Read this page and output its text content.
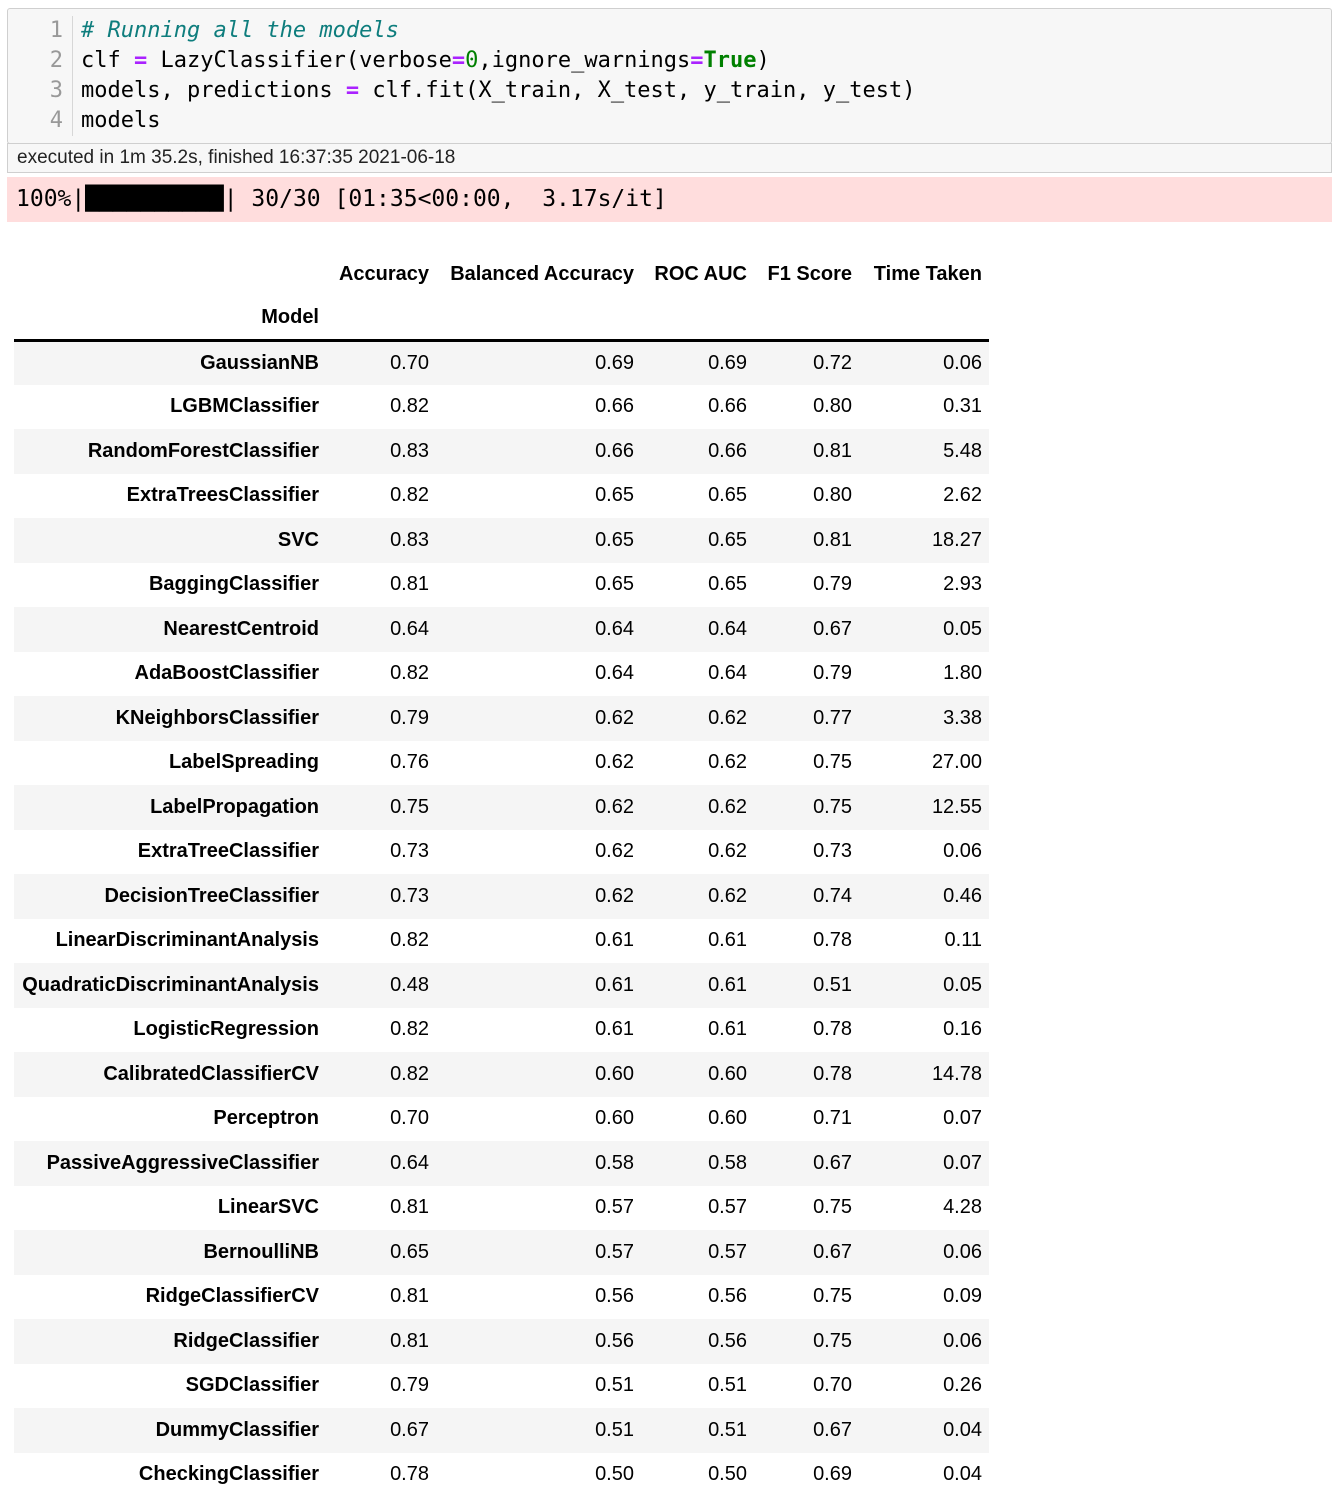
1
2
3
4
# Running all the models
clf = LazyClassifier(verbose=0,ignore_warnings=True)
models, predictions = clf.fit(X_train, X_test, y_train, y_test)
models
executed in 1m 35.2s, finished 16:37:35 2021-06-18
100%|██████████| 30/30 [01:35<00:00,  3.17s/it]
	Accuracy	Balanced Accuracy	ROC AUC	F1 Score	Time Taken
Model					
GaussianNB	0.70	0.69	0.69	0.72	0.06
LGBMClassifier	0.82	0.66	0.66	0.80	0.31
RandomForestClassifier	0.83	0.66	0.66	0.81	5.48
ExtraTreesClassifier	0.82	0.65	0.65	0.80	2.62
SVC	0.83	0.65	0.65	0.81	18.27
BaggingClassifier	0.81	0.65	0.65	0.79	2.93
NearestCentroid	0.64	0.64	0.64	0.67	0.05
AdaBoostClassifier	0.82	0.64	0.64	0.79	1.80
KNeighborsClassifier	0.79	0.62	0.62	0.77	3.38
LabelSpreading	0.76	0.62	0.62	0.75	27.00
LabelPropagation	0.75	0.62	0.62	0.75	12.55
ExtraTreeClassifier	0.73	0.62	0.62	0.73	0.06
DecisionTreeClassifier	0.73	0.62	0.62	0.74	0.46
LinearDiscriminantAnalysis	0.82	0.61	0.61	0.78	0.11
QuadraticDiscriminantAnalysis	0.48	0.61	0.61	0.51	0.05
LogisticRegression	0.82	0.61	0.61	0.78	0.16
CalibratedClassifierCV	0.82	0.60	0.60	0.78	14.78
Perceptron	0.70	0.60	0.60	0.71	0.07
PassiveAggressiveClassifier	0.64	0.58	0.58	0.67	0.07
LinearSVC	0.81	0.57	0.57	0.75	4.28
BernoulliNB	0.65	0.57	0.57	0.67	0.06
RidgeClassifierCV	0.81	0.56	0.56	0.75	0.09
RidgeClassifier	0.81	0.56	0.56	0.75	0.06
SGDClassifier	0.79	0.51	0.51	0.70	0.26
DummyClassifier	0.67	0.51	0.51	0.67	0.04
CheckingClassifier	0.78	0.50	0.50	0.69	0.04
